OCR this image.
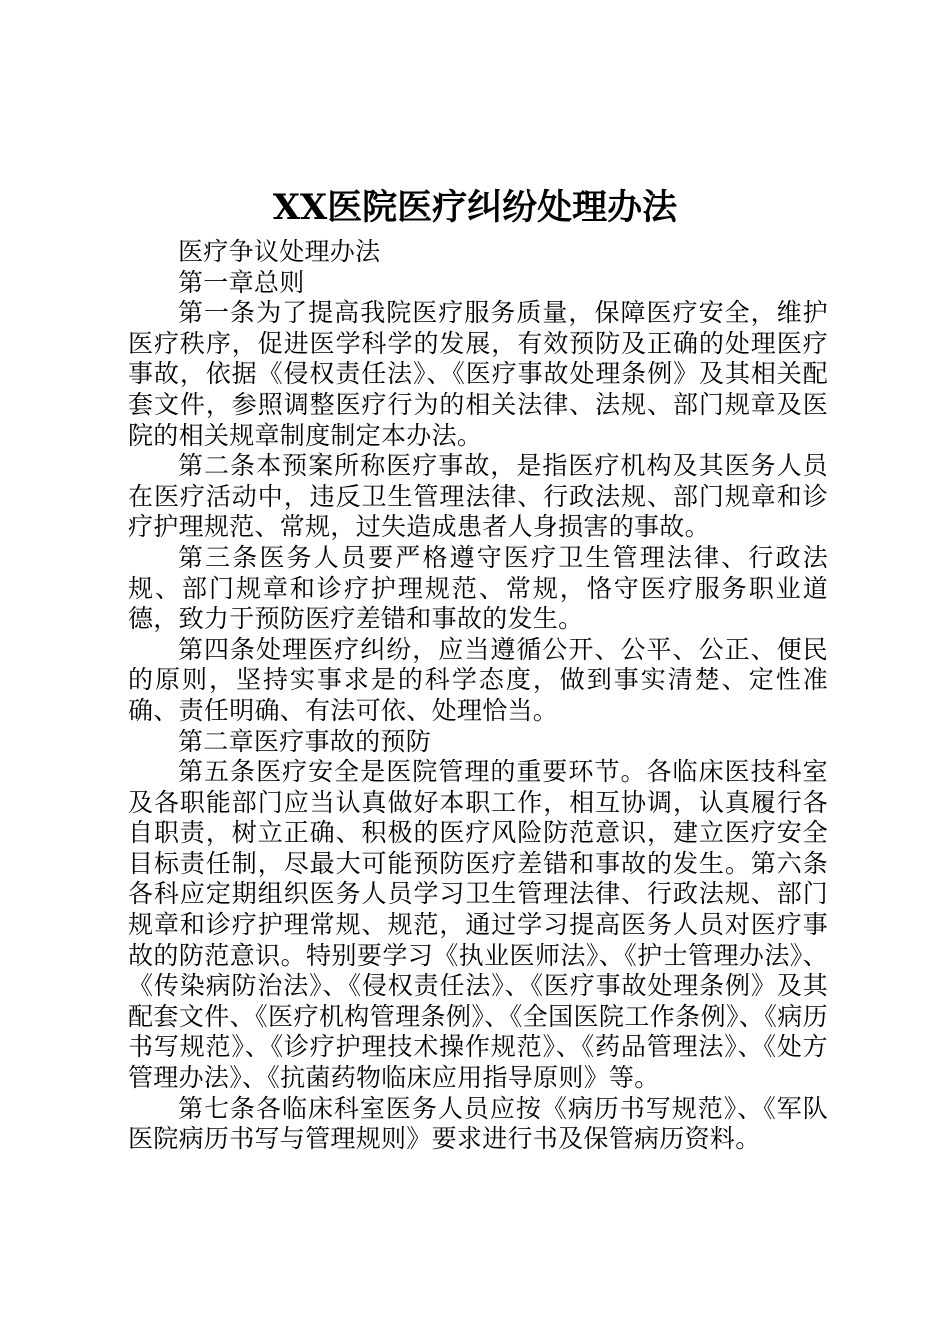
XX医院医疗纠纷处理办法

医疗争议处理办法

第一章总则

第一条为了提高我院医疗服务质量，保障医疗安全，维护医疗秩序，促进医学科学的发展，有效预防及正确的处理医疗事故，依据《侵权责任法》、《医疗事故处理条例》及其相关配套文件，参照调整医疗行为的相关法律、法规、部门规章及医院的相关规章制度制定本办法。

第二条本预案所称医疗事故，是指医疗机构及其医务人员在医疗活动中，违反卫生管理法律、行政法规、部门规章和诊疗护理规范、常规，过失造成患者人身损害的事故。

第三条医务人员要严格遵守医疗卫生管理法律、行政法规、部门规章和诊疗护理规范、常规，恪守医疗服务职业道德，致力于预防医疗差错和事故的发生。

第四条处理医疗纠纷，应当遵循公开、公平、公正、便民的原则，坚持实事求是的科学态度，做到事实清楚、定性准确、责任明确、有法可依、处理恰当。

第二章医疗事故的预防

第五条医疗安全是医院管理的重要环节。各临床医技科室及各职能部门应当认真做好本职工作，相互协调，认真履行各自职责，树立正确、积极的医疗风险防范意识，建立医疗安全目标责任制，尽最大可能预防医疗差错和事故的发生。第六条各科应定期组织医务人员学习卫生管理法律、行政法规、部门规章和诊疗护理常规、规范，通过学习提高医务人员对医疗事故的防范意识。特别要学习《执业医师法》、《护士管理办法》、《传染病防治法》、《侵权责任法》、《医疗事故处理条例》及其配套文件、《医疗机构管理条例》、《全国医院工作条例》、《病历书写规范》、《诊疗护理技术操作规范》、《药品管理法》、《处方管理办法》、《抗菌药物临床应用指导原则》等。

第七条各临床科室医务人员应按《病历书写规范》、《军队医院病历书写与管理规则》要求进行书及保管病历资料。
